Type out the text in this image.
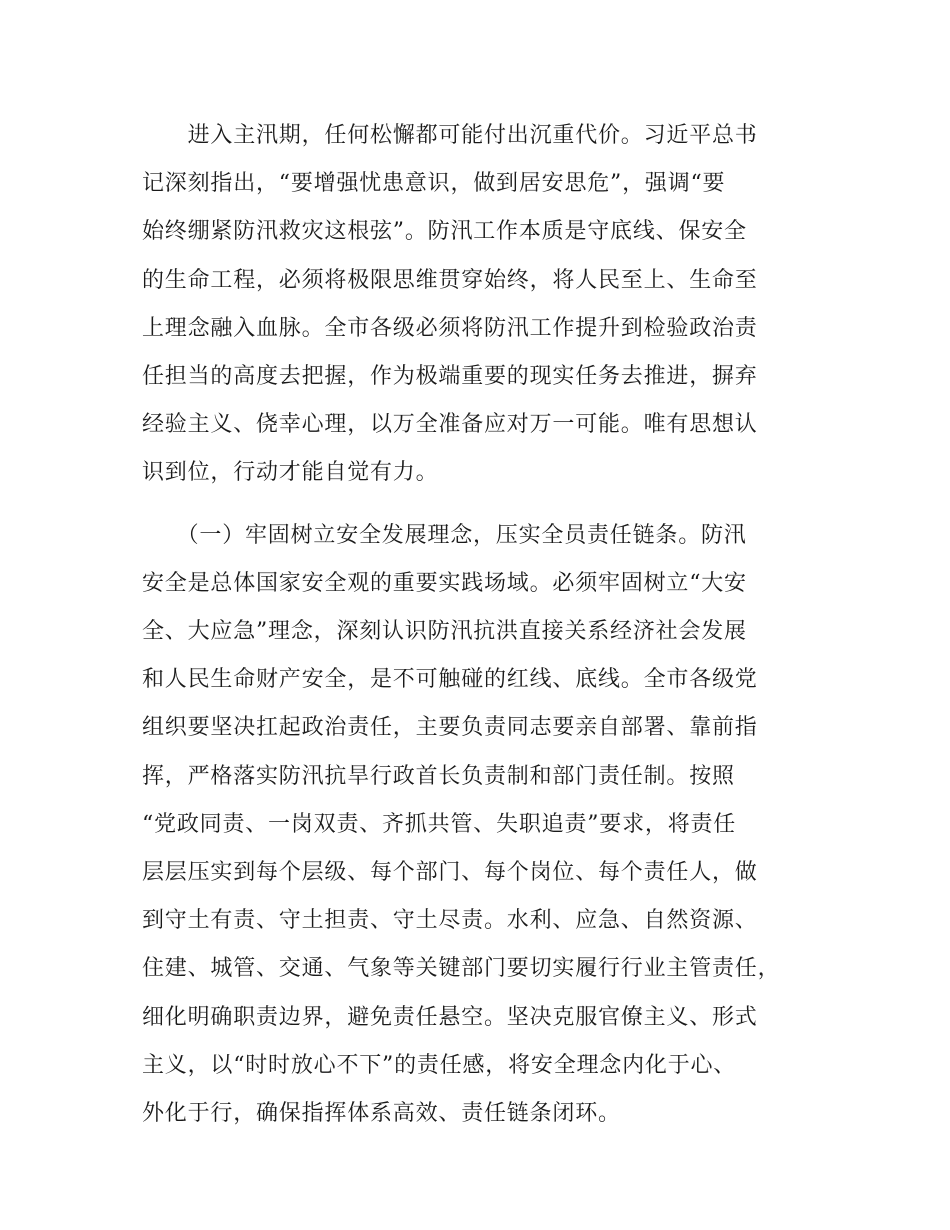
　　进入主汛期，任何松懈都可能付出沉重代价。习近平总书
记深刻指出，“要增强忧患意识，做到居安思危”，强调“要
始终绷紧防汛救灾这根弦”。防汛工作本质是守底线、保安全
的生命工程，必须将极限思维贯穿始终，将人民至上、生命至
上理念融入血脉。全市各级必须将防汛工作提升到检验政治责
任担当的高度去把握，作为极端重要的现实任务去推进，摒弃
经验主义、侥幸心理，以万全准备应对万一可能。唯有思想认
识到位，行动才能自觉有力。

　　（一）牢固树立安全发展理念，压实全员责任链条。防汛
安全是总体国家安全观的重要实践场域。必须牢固树立“大安
全、大应急”理念，深刻认识防汛抗洪直接关系经济社会发展
和人民生命财产安全，是不可触碰的红线、底线。全市各级党
组织要坚决扛起政治责任，主要负责同志要亲自部署、靠前指
挥，严格落实防汛抗旱行政首长负责制和部门责任制。按照
“党政同责、一岗双责、齐抓共管、失职追责”要求，将责任
层层压实到每个层级、每个部门、每个岗位、每个责任人，做
到守土有责、守土担责、守土尽责。水利、应急、自然资源、
住建、城管、交通、气象等关键部门要切实履行行业主管责任，
细化明确职责边界，避免责任悬空。坚决克服官僚主义、形式
主义，以“时时放心不下”的责任感，将安全理念内化于心、
外化于行，确保指挥体系高效、责任链条闭环。
